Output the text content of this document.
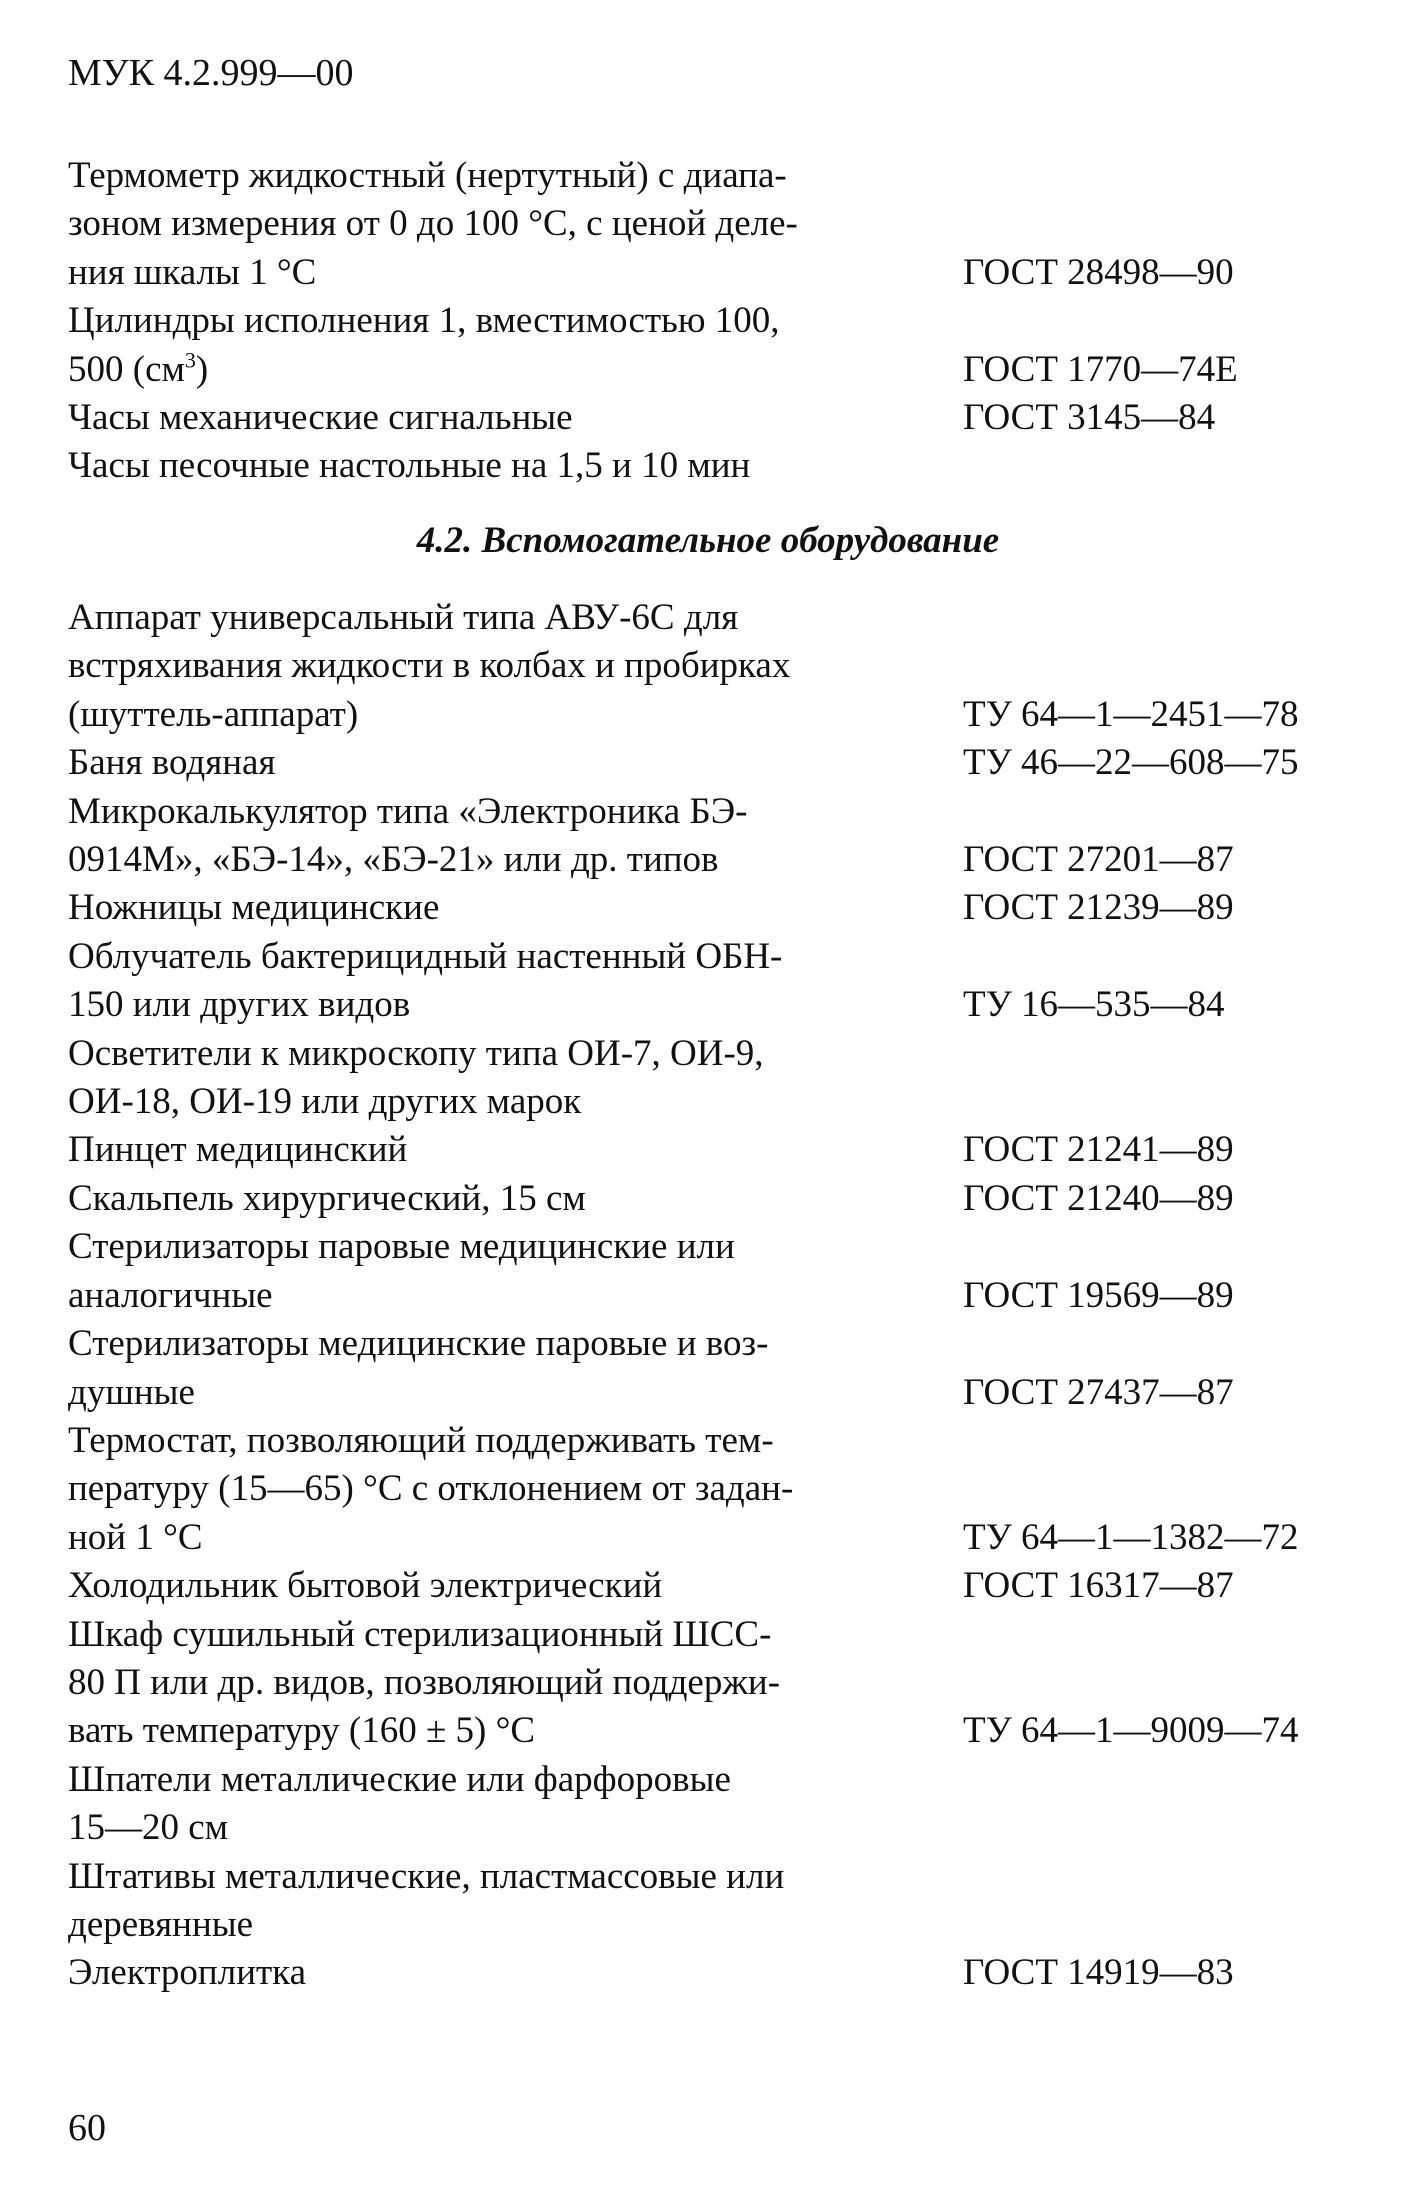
МУК 4.2.999—00
Термометр жидкостный (нертутный) с диапа-
зоном измерения от 0 до 100 °С, с ценой деле-
ния шкалы 1 °С	ГОСТ 28498—90
Цилиндры исполнения 1, вместимостью 100,
500 $(см^3)$	ГОСТ 1770—74Е
Часы механические сигнальные	ГОСТ 3145—84
Часы песочные настольные на 1,5 и 10 мин
4.2. Вспомогательное оборудование
Аппарат универсальный типа АВУ-6С для
встряхивания жидкости в колбах и пробирках
(шуттель-аппарат)	ТУ 64—1—2451—78
Баня водяная	ТУ 46—22—608—75
Микрокалькулятор типа «Электроника БЭ-
0914М», «БЭ-14», «БЭ-21» или др. типов	ГОСТ 27201—87
Ножницы медицинские	ГОСТ 21239—89
Облучатель бактерицидный настенный ОБН-
150 или других видов	ТУ 16—535—84
Осветители к микроскопу типа ОИ-7, ОИ-9,
ОИ-18, ОИ-19 или других марок
Пинцет медицинский	ГОСТ 21241—89
Скальпель хирургический, 15 см	ГОСТ 21240—89
Стерилизаторы паровые медицинские или
аналогичные	ГОСТ 19569—89
Стерилизаторы медицинские паровые и воз-
душные	ГОСТ 27437—87
Термостат, позволяющий поддерживать тем-
пературу (15—65) °С с отклонением от задан-
ной 1 °С	ТУ 64—1—1382—72
Холодильник бытовой электрический	ГОСТ 16317—87
Шкаф сушильный стерилизационный ШСС-
80 П или др. видов, позволяющий поддержи-
вать температуру (160 ± 5) °С	ТУ 64—1—9009—74
Шпатели металлические или фарфоровые
15—20 см
Штативы металлические, пластмассовые или
деревянные
Электроплитка	ГОСТ 14919—83
60
